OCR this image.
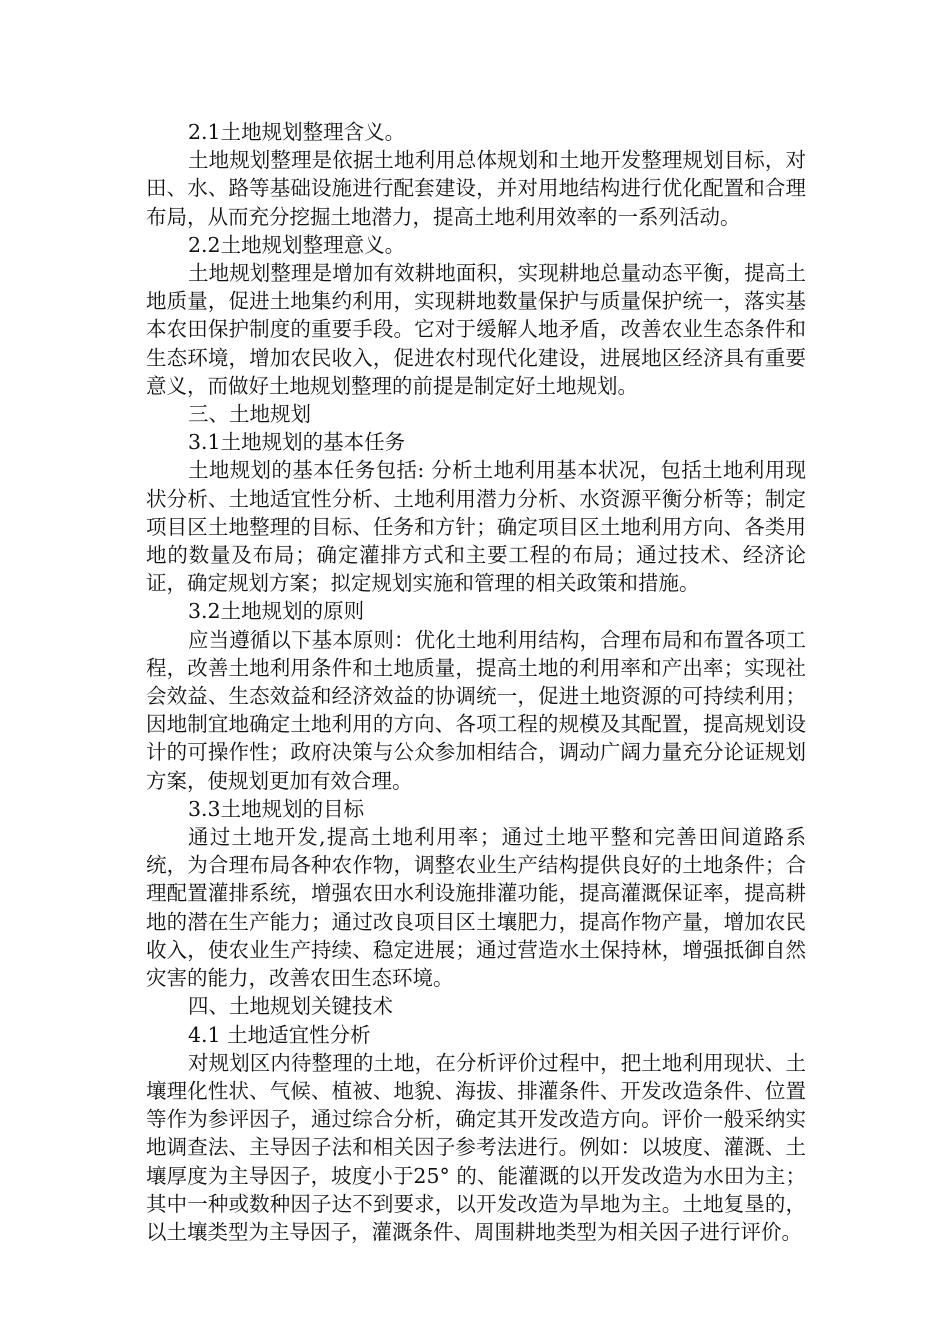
2.1土地规划整理含义。

土地规划整理是依据土地利用总体规划和土地开发整理规划目标，对田、水、路等基础设施进行配套建设，并对用地结构进行优化配置和合理布局，从而充分挖掘土地潜力，提高土地利用效率的一系列活动。

2.2土地规划整理意义。

土地规划整理是增加有效耕地面积，实现耕地总量动态平衡，提高土地质量，促进土地集约利用，实现耕地数量保护与质量保护统一，落实基本农田保护制度的重要手段。它对于缓解人地矛盾，改善农业生态条件和生态环境，增加农民收入，促进农村现代化建设，进展地区经济具有重要意义，而做好土地规划整理的前提是制定好土地规划。

三、土地规划

3.1土地规划的基本任务

土地规划的基本任务包括: 分析土地利用基本状况，包括土地利用现状分析、土地适宜性分析、土地利用潜力分析、水资源平衡分析等；制定项目区土地整理的目标、任务和方针；确定项目区土地利用方向、各类用地的数量及布局；确定灌排方式和主要工程的布局；通过技术、经济论证，确定规划方案；拟定规划实施和管理的相关政策和措施。

3.2土地规划的原则

应当遵循以下基本原则：优化土地利用结构，合理布局和布置各项工程，改善土地利用条件和土地质量，提高土地的利用率和产出率；实现社会效益、生态效益和经济效益的协调统一，促进土地资源的可持续利用；因地制宜地确定土地利用的方向、各项工程的规模及其配置，提高规划设计的可操作性；政府决策与公众参加相结合，调动广阔力量充分论证规划方案，使规划更加有效合理。

3.3土地规划的目标

通过土地开发,提高土地利用率；通过土地平整和完善田间道路系统，为合理布局各种农作物，调整农业生产结构提供良好的土地条件；合理配置灌排系统，增强农田水利设施排灌功能，提高灌溉保证率，提高耕地的潜在生产能力；通过改良项目区土壤肥力，提高作物产量，增加农民收入，使农业生产持续、稳定进展；通过营造水土保持林，增强抵御自然灾害的能力，改善农田生态环境。

四、土地规划关键技术

4.1 土地适宜性分析

对规划区内待整理的土地，在分析评价过程中，把土地利用现状、土壤理化性状、气候、植被、地貌、海拔、排灌条件、开发改造条件、位置等作为参评因子，通过综合分析，确定其开发改造方向。评价一般采纳实地调查法、主导因子法和相关因子参考法进行。例如：以坡度、灌溉、土壤厚度为主导因子，坡度小于25° 的、能灌溉的以开发改造为水田为主；其中一种或数种因子达不到要求，以开发改造为旱地为主。土地复垦的，以土壤类型为主导因子，灌溉条件、周围耕地类型为相关因子进行评价。
